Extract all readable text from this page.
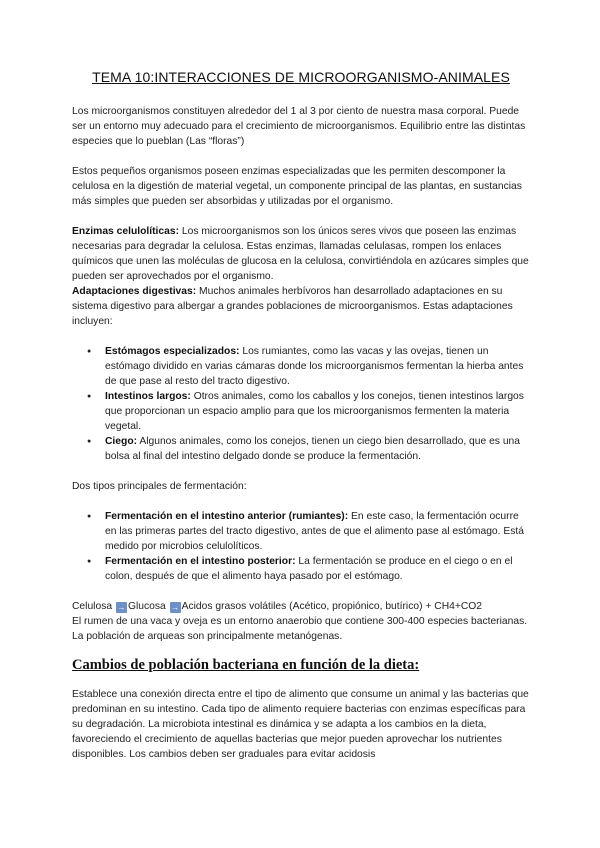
TEMA 10:INTERACCIONES DE MICROORGANISMO-ANIMALES

Los microorganismos constituyen alrededor del 1 al 3 por ciento de nuestra masa corporal. Puede ser un entorno muy adecuado para el crecimiento de microorganismos. Equilibrio entre las distintas especies que lo pueblan (Las “floras”)

Estos pequeños organismos poseen enzimas especializadas que les permiten descomponer la celulosa en la digestión de material vegetal, un componente principal de las plantas, en sustancias más simples que pueden ser absorbidas y utilizadas por el organismo.

Enzimas celulolíticas: Los microorganismos son los únicos seres vivos que poseen las enzimas necesarias para degradar la celulosa. Estas enzimas, llamadas celulasas, rompen los enlaces químicos que unen las moléculas de glucosa en la celulosa, convirtiéndola en azúcares simples que pueden ser aprovechados por el organismo.

Adaptaciones digestivas: Muchos animales herbívoros han desarrollado adaptaciones en su sistema digestivo para albergar a grandes poblaciones de microorganismos. Estas adaptaciones incluyen:

● Estómagos especializados: Los rumiantes, como las vacas y las ovejas, tienen un estómago dividido en varias cámaras donde los microorganismos fermentan la hierba antes de que pase al resto del tracto digestivo.
● Intestinos largos: Otros animales, como los caballos y los conejos, tienen intestinos largos que proporcionan un espacio amplio para que los microorganismos fermenten la materia vegetal.
● Ciego: Algunos animales, como los conejos, tienen un ciego bien desarrollado, que es una bolsa al final del intestino delgado donde se produce la fermentación.

Dos tipos principales de fermentación:

● Fermentación en el intestino anterior (rumiantes): En este caso, la fermentación ocurre en las primeras partes del tracto digestivo, antes de que el alimento pase al estómago. Está medido por microbios celulolíticos.
● Fermentación en el intestino posterior: La fermentación se produce en el ciego o en el colon, después de que el alimento haya pasado por el estómago.

Celulosa → Glucosa → Acidos grasos volátiles (Acético, propiónico, butírico) + CH4+CO2

El rumen de una vaca y oveja es un entorno anaerobio que contiene 300-400 especies bacterianas. La población de arqueas son principalmente metanógenas.

Cambios de población bacteriana en función de la dieta:

Establece una conexión directa entre el tipo de alimento que consume un animal y las bacterias que predominan en su intestino. Cada tipo de alimento requiere bacterias con enzimas específicas para su degradación. La microbiota intestinal es dinámica y se adapta a los cambios en la dieta, favoreciendo el crecimiento de aquellas bacterias que mejor pueden aprovechar los nutrientes disponibles. Los cambios deben ser graduales para evitar acidosis
